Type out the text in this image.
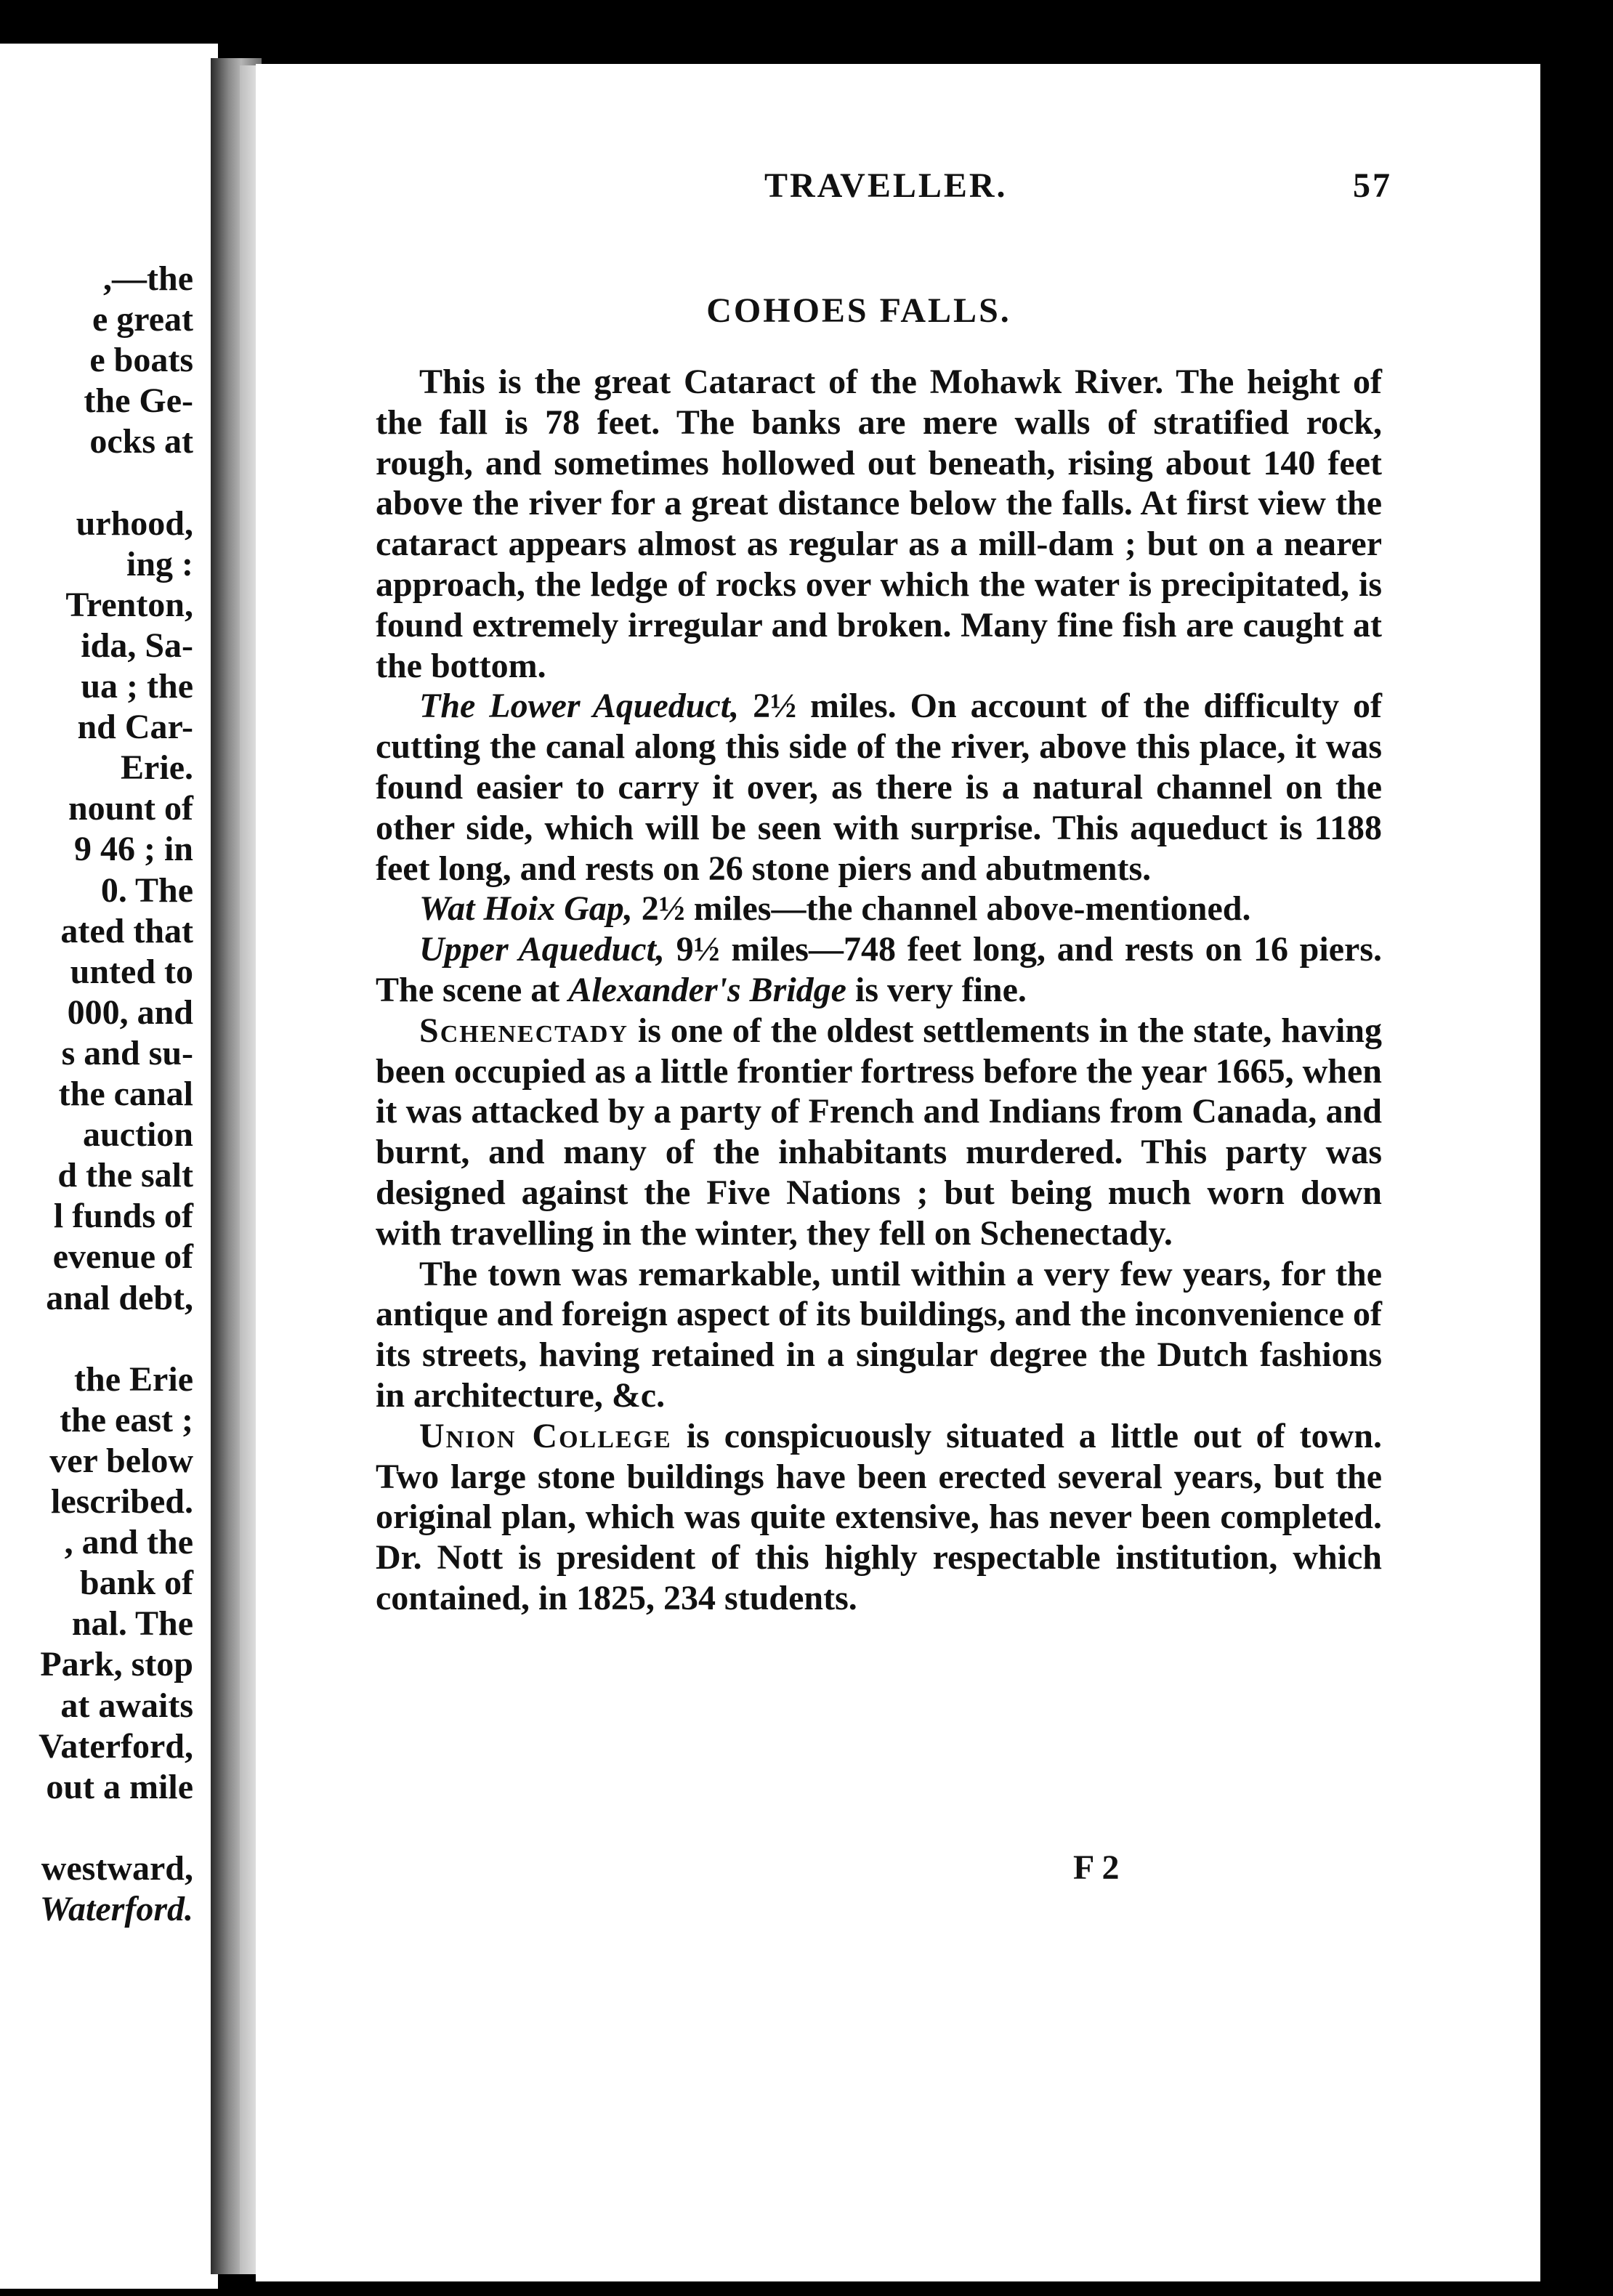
,—the
e great
e boats
the Ge-
ocks at
urhood,
ing :
Trenton,
ida, Sa-
ua ; the
nd Car-
Erie.
nount of
9 46 ; in
0. The
ated that
unted to
000, and
s and su-
the canal
auction
d the salt
l funds of
evenue of
anal debt,
the Erie
the east ;
ver below
lescribed.
, and the
bank of
nal. The
Park, stop
at awaits
Vaterford,
out a mile
westward,
Waterford.
TRAVELLER.	57
COHOES FALLS.

This is the great Cataract of the Mohawk River. The height of the fall is 78 feet. The banks are mere walls of stratified rock, rough, and sometimes hollowed out beneath, rising about 140 feet above the river for a great distance below the falls. At first view the cataract appears almost as regular as a mill-dam ; but on a nearer approach, the ledge of rocks over which the water is precipitated, is found extremely irregular and broken. Many fine fish are caught at the bottom.

The Lower Aqueduct, 2½ miles. On account of the difficulty of cutting the canal along this side of the river, above this place, it was found easier to carry it over, as there is a natural channel on the other side, which will be seen with surprise. This aqueduct is 1188 feet long, and rests on 26 stone piers and abutments.

Wat Hoix Gap, 2½ miles—the channel above-mentioned.

Upper Aqueduct, 9½ miles—748 feet long, and rests on 16 piers. The scene at Alexander's Bridge is very fine.

Schenectady is one of the oldest settlements in the state, having been occupied as a little frontier fortress before the year 1665, when it was attacked by a party of French and Indians from Canada, and burnt, and many of the inhabitants murdered. This party was designed against the Five Nations ; but being much worn down with travelling in the winter, they fell on Schenectady.

The town was remarkable, until within a very few years, for the antique and foreign aspect of its buildings, and the inconvenience of its streets, having retained in a singular degree the Dutch fashions in architecture, &c.

Union College is conspicuously situated a little out of town. Two large stone buildings have been erected several years, but the original plan, which was quite extensive, has never been completed. Dr. Nott is president of this highly respectable institution, which contained, in 1825, 234 students.

F 2
